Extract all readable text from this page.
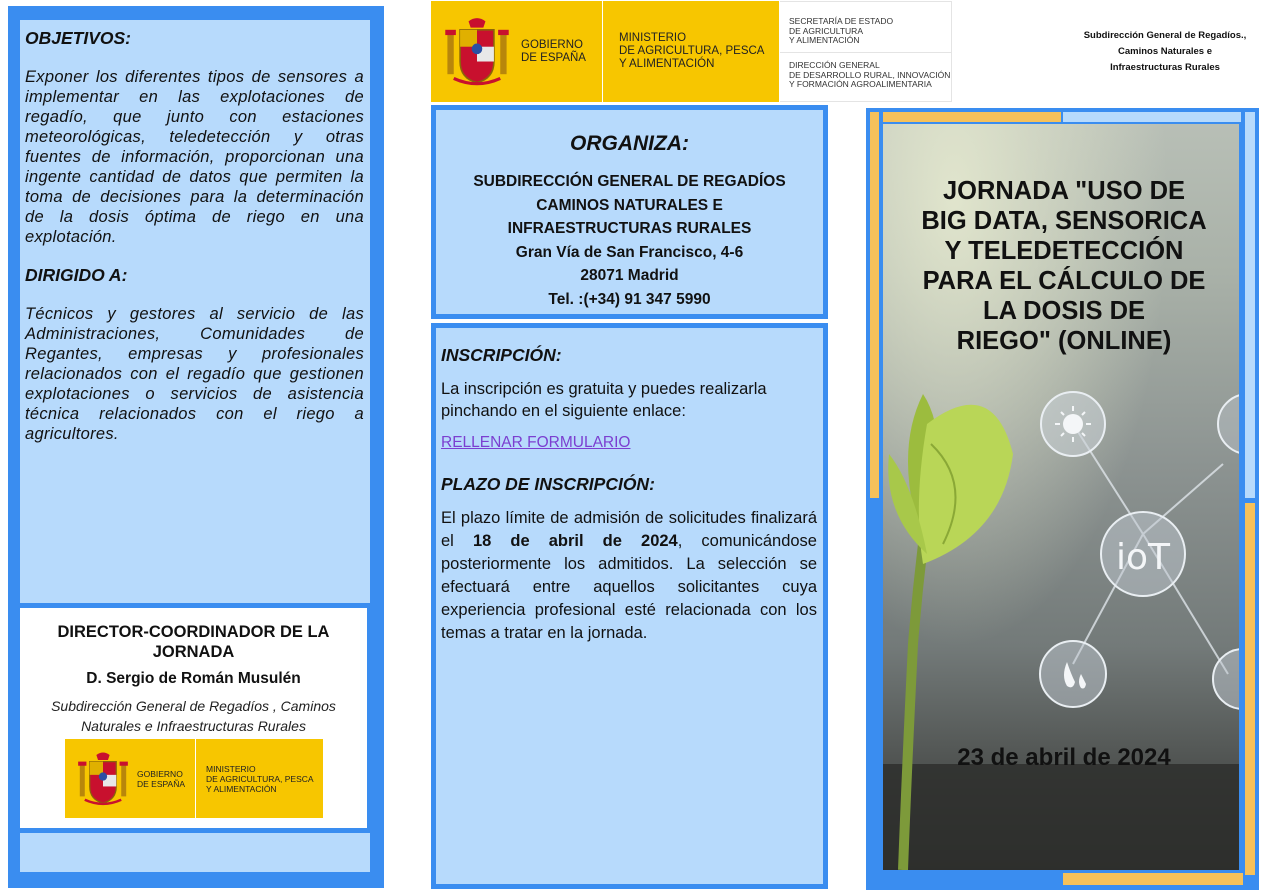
OBJETIVOS:

Exponer los diferentes tipos de sensores a implementar en las explotaciones de regadío, que junto con estaciones meteorológicas, teledetección y otras fuentes de información, proporcionan una ingente cantidad de datos que permiten la toma de decisiones para la determinación de la dosis óptima de riego en una explotación.

DIRIGIDO A:

Técnicos y gestores al servicio de las Administraciones, Comunidades de Regantes, empresas y profesionales relacionados con el regadío que gestionen explotaciones o servicios de asistencia técnica relacionados con el riego a agricultores.

DIRECTOR-COORDINADOR DE LA JORNADA
D. Sergio de Román Musulén
Subdirección General de Regadíos , Caminos Naturales e Infraestructuras Rurales
GOBIERNO
DE ESPAÑA
MINISTERIO
DE AGRICULTURA, PESCA
Y ALIMENTACIÓN
GOBIERNO
DE ESPAÑA
MINISTERIO
DE AGRICULTURA, PESCA
Y ALIMENTACIÓN
SECRETARÍA DE ESTADO
DE AGRICULTURA
Y ALIMENTACIÓN
DIRECCIÓN GENERAL
DE DESARROLLO RURAL, INNOVACIÓN
Y FORMACIÓN AGROALIMENTARIA
Subdirección General de Regadíos.,
Caminos Naturales e
Infraestructuras Rurales
ORGANIZA:
SUBDIRECCIÓN GENERAL DE REGADÍOS
CAMINOS NATURALES E
INFRAESTRUCTURAS RURALES
Gran Vía de San Francisco, 4-6
28071 Madrid
Tel. :(+34) 91 347 5990
INSCRIPCIÓN:

La inscripción es gratuita y puedes realizarla pinchando en el siguiente enlace:

RELLENAR FORMULARIO
PLAZO DE INSCRIPCIÓN:

El plazo límite de admisión de solicitudes finalizará el 18 de abril de 2024, comunicándose posteriormente los admitidos. La selección se efectuará entre aquellos solicitantes cuya experiencia profesional esté relacionada con los temas a tratar en la jornada.

ioT
JORNADA "USO DE
BIG DATA, SENSORICA
Y TELEDETECCIÓN
PARA EL CÁLCULO DE
LA DOSIS DE
RIEGO" (ONLINE)
23 de abril de 2024
